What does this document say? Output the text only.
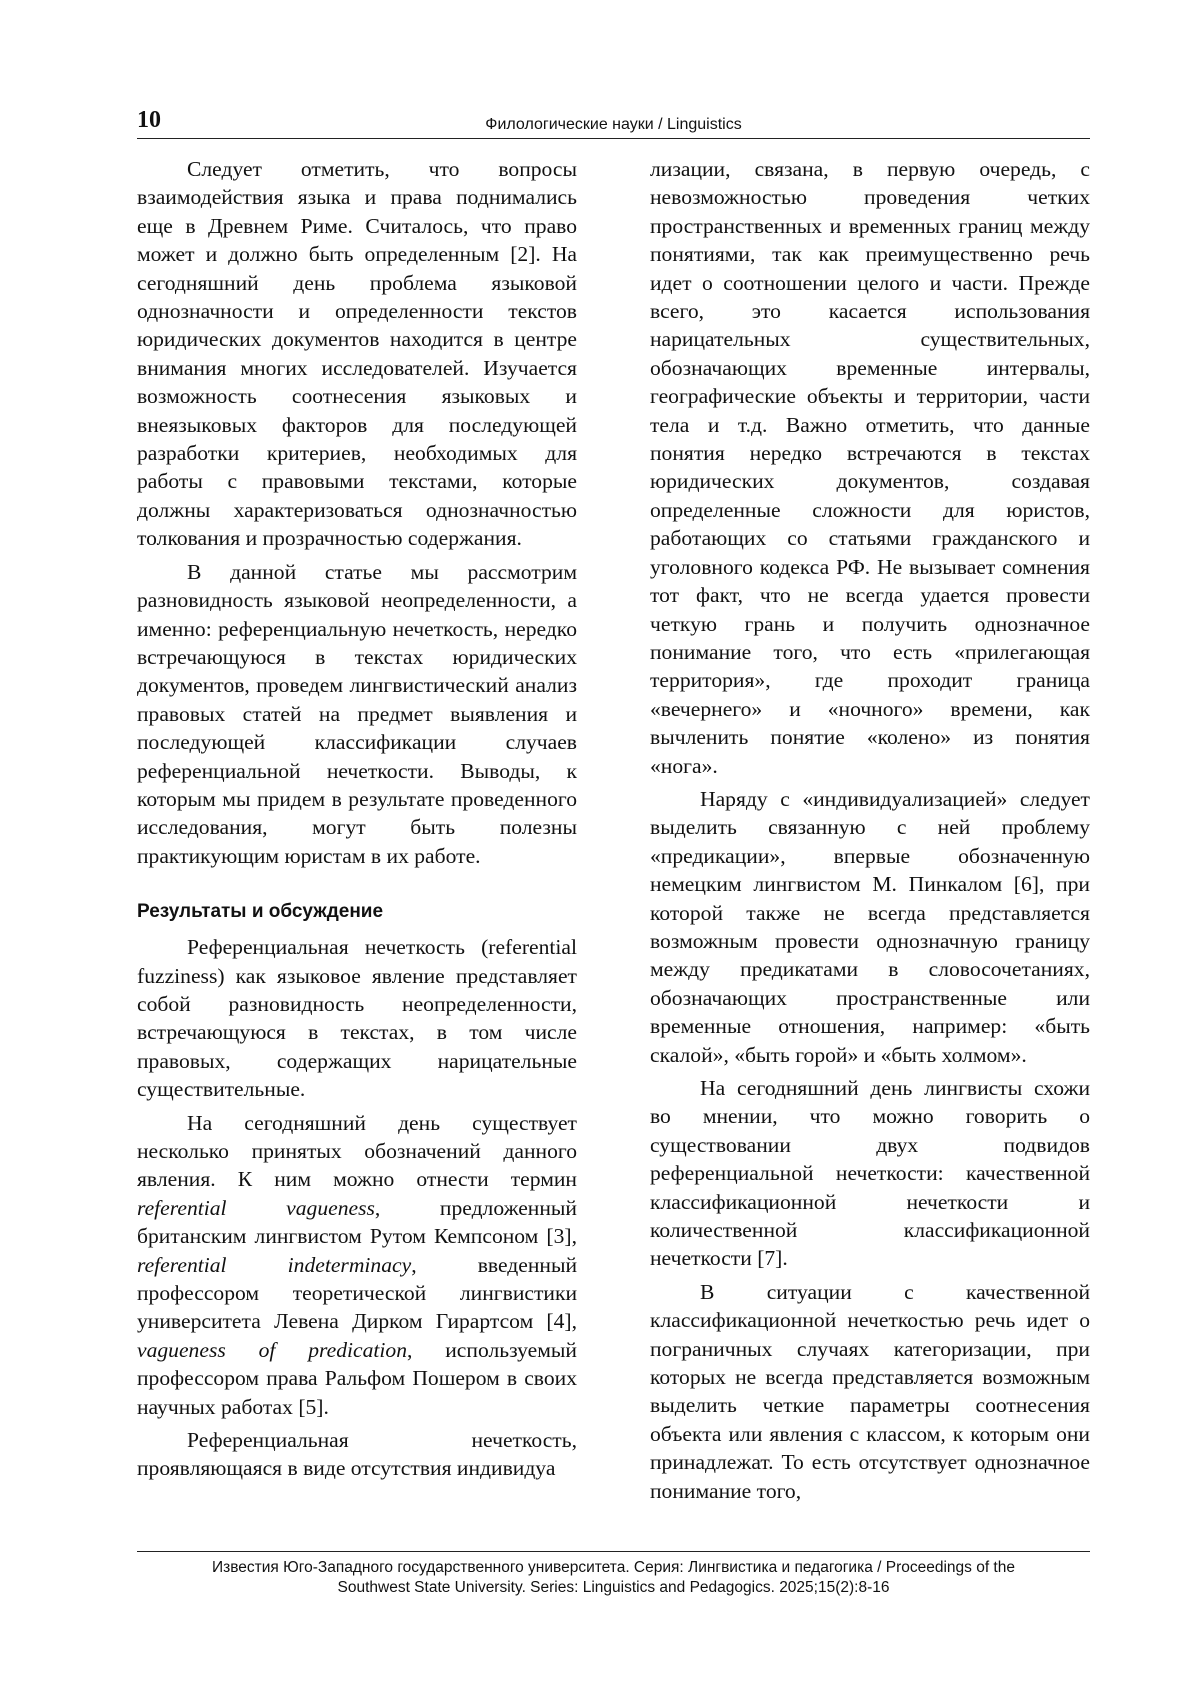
10	Филологические науки / Linguistics

Следует отметить, что вопросы взаимодействия языка и права поднимались еще в Древнем Риме. Считалось, что право может и должно быть определенным [2]. На сегодняшний день проблема языковой однозначности и определенности текстов юридических документов находится в центре внимания многих исследователей. Изучается возможность соотнесения языковых и внеязыковых факторов для последующей разработки критериев, необходимых для работы с правовыми текстами, которые должны характеризоваться однозначностью толкования и прозрачностью содержания.

В данной статье мы рассмотрим разновидность языковой неопределенности, а именно: референциальную нечеткость, нередко встречающуюся в текстах юридических документов, проведем лингвистический анализ правовых статей на предмет выявления и последующей классификации случаев референциальной нечеткости. Выводы, к которым мы придем в результате проведенного исследования, могут быть полезны практикующим юристам в их работе.

Результаты и обсуждение

Референциальная нечеткость (referential fuzziness) как языковое явление представляет собой разновидность неопределенности, встречающуюся в текстах, в том числе правовых, содержащих нарицательные существительные.

На сегодняшний день существует несколько принятых обозначений данного явления. К ним можно отнести термин referential vagueness, предложенный британским лингвистом Рутом Кемпсоном [3], referential indeterminacy, введенный профессором теоретической лингвистики университета Левена Дирком Гирартсом [4], vagueness of predication, используемый профессором права Ральфом Пошером в своих научных работах [5].

Референциальная нечеткость, проявляющаяся в виде отсутствия индивидуа

лизации, связана, в первую очередь, с невозможностью проведения четких пространственных и временных границ между понятиями, так как преимущественно речь идет о соотношении целого и части. Прежде всего, это касается использования нарицательных существительных, обозначающих временные интервалы, географические объекты и территории, части тела и т.д. Важно отметить, что данные понятия нередко встречаются в текстах юридических документов, создавая определенные сложности для юристов, работающих со статьями гражданского и уголовного кодекса РФ. Не вызывает сомнения тот факт, что не всегда удается провести четкую грань и получить однозначное понимание того, что есть «прилегающая территория», где проходит граница «вечернего» и «ночного» времени, как вычленить понятие «колено» из понятия «нога».

Наряду с «индивидуализацией» следует выделить связанную с ней проблему «предикации», впервые обозначенную немецким лингвистом М. Пинкалом [6], при которой также не всегда представляется возможным провести однозначную границу между предикатами в словосочетаниях, обозначающих пространственные или временные отношения, например: «быть скалой», «быть горой» и «быть холмом».

На сегодняшний день лингвисты схожи во мнении, что можно говорить о существовании двух подвидов референциальной нечеткости: качественной классификационной нечеткости и количественной классификационной нечеткости [7].

В ситуации с качественной классификационной нечеткостью речь идет о пограничных случаях категоризации, при которых не всегда представляется возможным выделить четкие параметры соотнесения объекта или явления с классом, к которым они принадлежат. То есть отсутствует однозначное понимание того,

Известия Юго-Западного государственного университета. Серия: Лингвистика и педагогика / Proceedings of the
Southwest State University. Series: Linguistics and Pedagogics. 2025;15(2):8-16
